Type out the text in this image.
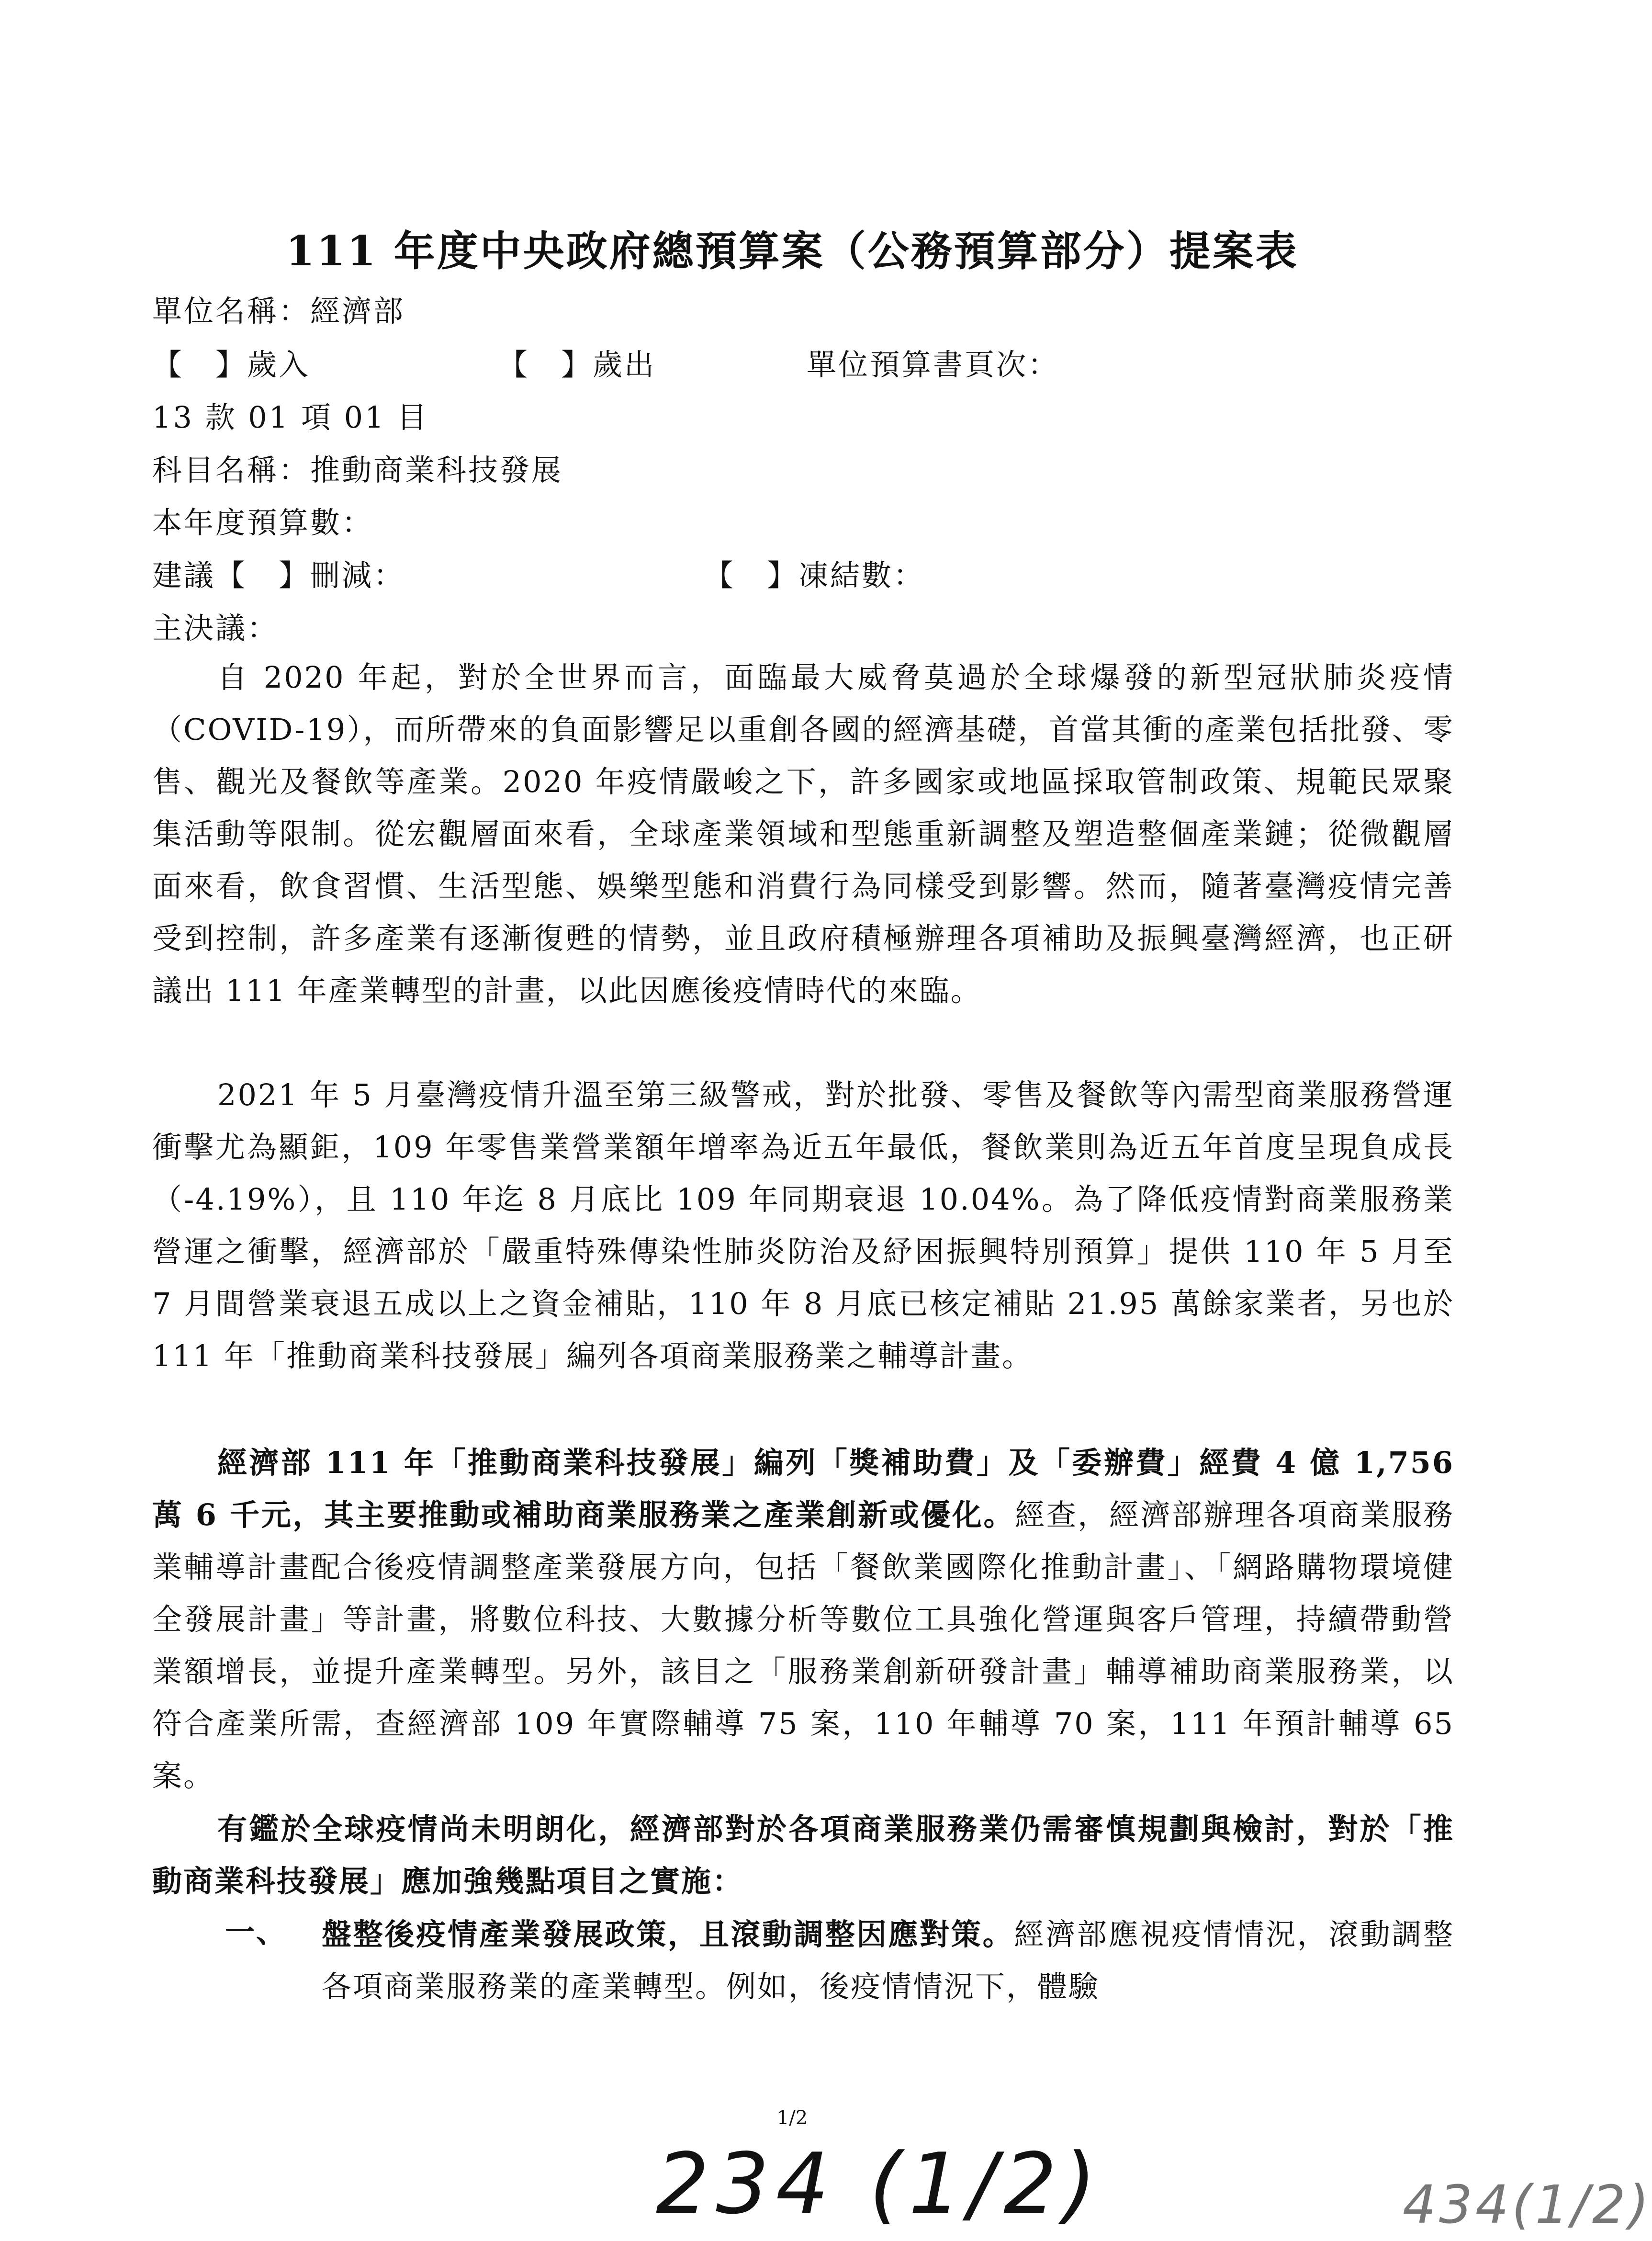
111 年度中央政府總預算案（公務預算部分）提案表
單位名稱：經濟部
【　】歲入	【　】歲出	單位預算書頁次：
13 款 01 項 01 目
科目名稱：推動商業科技發展
本年度預算數：
建議【　】刪減：	【　】凍結數：
主決議：
自 2020 年起，對於全世界而言，面臨最大威脅莫過於全球爆發的新型冠狀肺炎疫情（COVID-19），而所帶來的負面影響足以重創各國的經濟基礎，首當其衝的產業包括批發、零售、觀光及餐飲等產業。2020 年疫情嚴峻之下，許多國家或地區採取管制政策、規範民眾聚集活動等限制。從宏觀層面來看，全球產業領域和型態重新調整及塑造整個產業鏈；從微觀層面來看，飲食習慣、生活型態、娛樂型態和消費行為同樣受到影響。然而，隨著臺灣疫情完善受到控制，許多產業有逐漸復甦的情勢，並且政府積極辦理各項補助及振興臺灣經濟，也正研議出 111 年產業轉型的計畫，以此因應後疫情時代的來臨。
2021 年 5 月臺灣疫情升溫至第三級警戒，對於批發、零售及餐飲等內需型商業服務營運衝擊尤為顯鉅，109 年零售業營業額年增率為近五年最低，餐飲業則為近五年首度呈現負成長（-4.19%），且 110 年迄 8 月底比 109 年同期衰退 10.04%。為了降低疫情對商業服務業營運之衝擊，經濟部於「嚴重特殊傳染性肺炎防治及紓困振興特別預算」提供 110 年 5 月至 7 月間營業衰退五成以上之資金補貼，110 年 8 月底已核定補貼 21.95 萬餘家業者，另也於 111 年「推動商業科技發展」編列各項商業服務業之輔導計畫。
經濟部 111 年「推動商業科技發展」編列「獎補助費」及「委辦費」經費 4 億 1,756 萬 6 千元，其主要推動或補助商業服務業之產業創新或優化。經查，經濟部辦理各項商業服務業輔導計畫配合後疫情調整產業發展方向，包括「餐飲業國際化推動計畫」、「網路購物環境健全發展計畫」等計畫，將數位科技、大數據分析等數位工具強化營運與客戶管理，持續帶動營業額增長，並提升產業轉型。另外，該目之「服務業創新研發計畫」輔導補助商業服務業，以符合產業所需，查經濟部 109 年實際輔導 75 案，110 年輔導 70 案，111 年預計輔導 65 案。
有鑑於全球疫情尚未明朗化，經濟部對於各項商業服務業仍需審慎規劃與檢討，對於「推動商業科技發展」應加強幾點項目之實施：
一、 盤整後疫情產業發展政策，且滾動調整因應對策。經濟部應視疫情情況，滾動調整各項商業服務業的產業轉型。例如，後疫情情況下，體驗
1/2
234 (1/2)	434(1/2)
